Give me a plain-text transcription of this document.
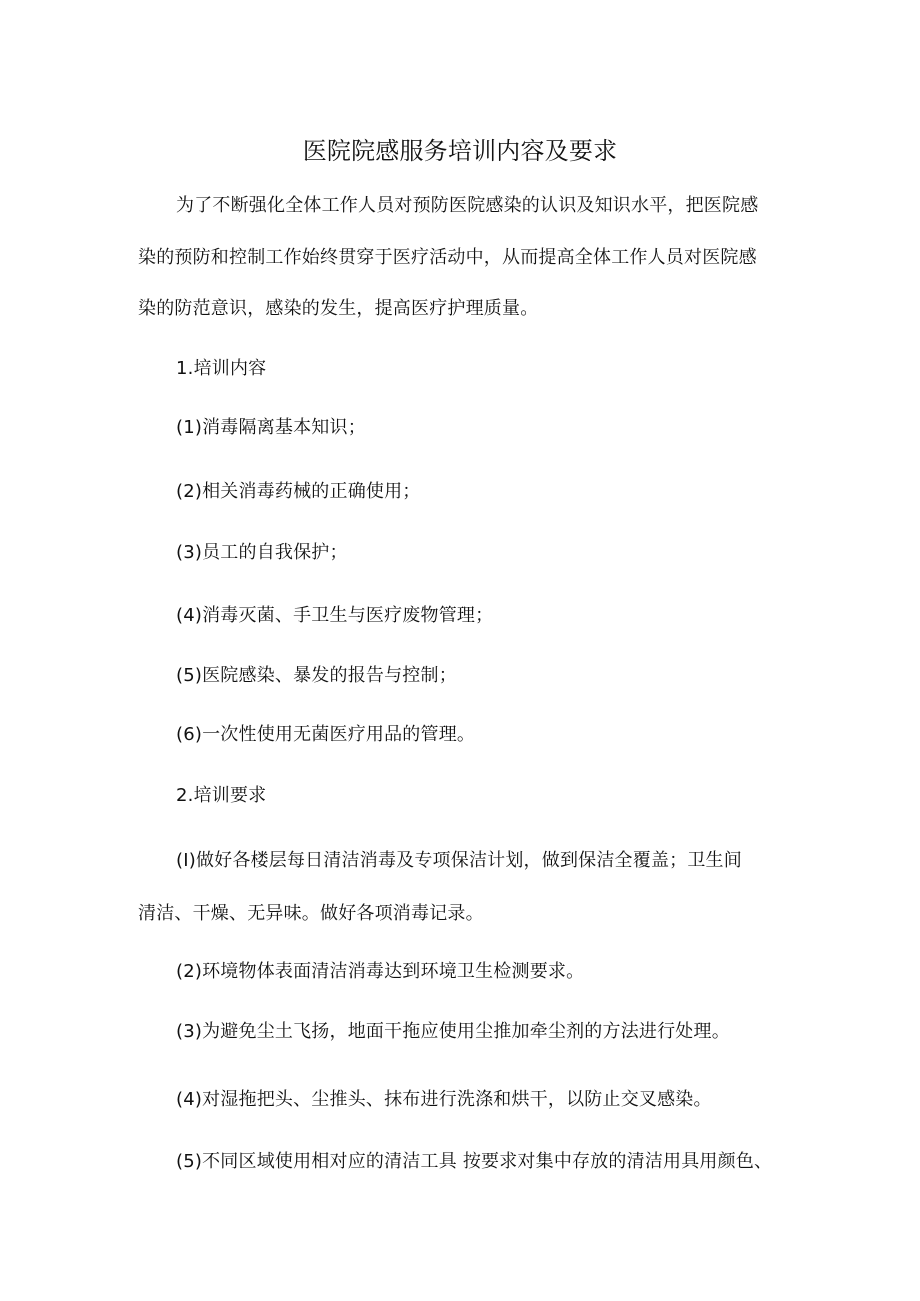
医院院感服务培训内容及要求
为了不断强化全体工作人员对预防医院感染的认识及知识水平，把医院感
染的预防和控制工作始终贯穿于医疗活动中，从而提高全体工作人员对医院感
染的防范意识，感染的发生，提高医疗护理质量。
1.培训内容
(1)消毒隔离基本知识；
(2)相关消毒药械的正确使用；
(3)员工的自我保护；
(4)消毒灭菌、手卫生与医疗废物管理；
(5)医院感染、暴发的报告与控制；
(6)一次性使用无菌医疗用品的管理。
2.培训要求
(I)做好各楼层每日清洁消毒及专项保洁计划，做到保洁全覆盖；卫生间
清洁、干燥、无异味。做好各项消毒记录。
(2)环境物体表面清洁消毒达到环境卫生检测要求。
(3)为避免尘土飞扬，地面干拖应使用尘推加牵尘剂的方法进行处理。
(4)对湿拖把头、尘推头、抹布进行洗涤和烘干，以防止交叉感染。
(5)不同区域使用相对应的清洁工具 按要求对集中存放的清洁用具用颜色、
